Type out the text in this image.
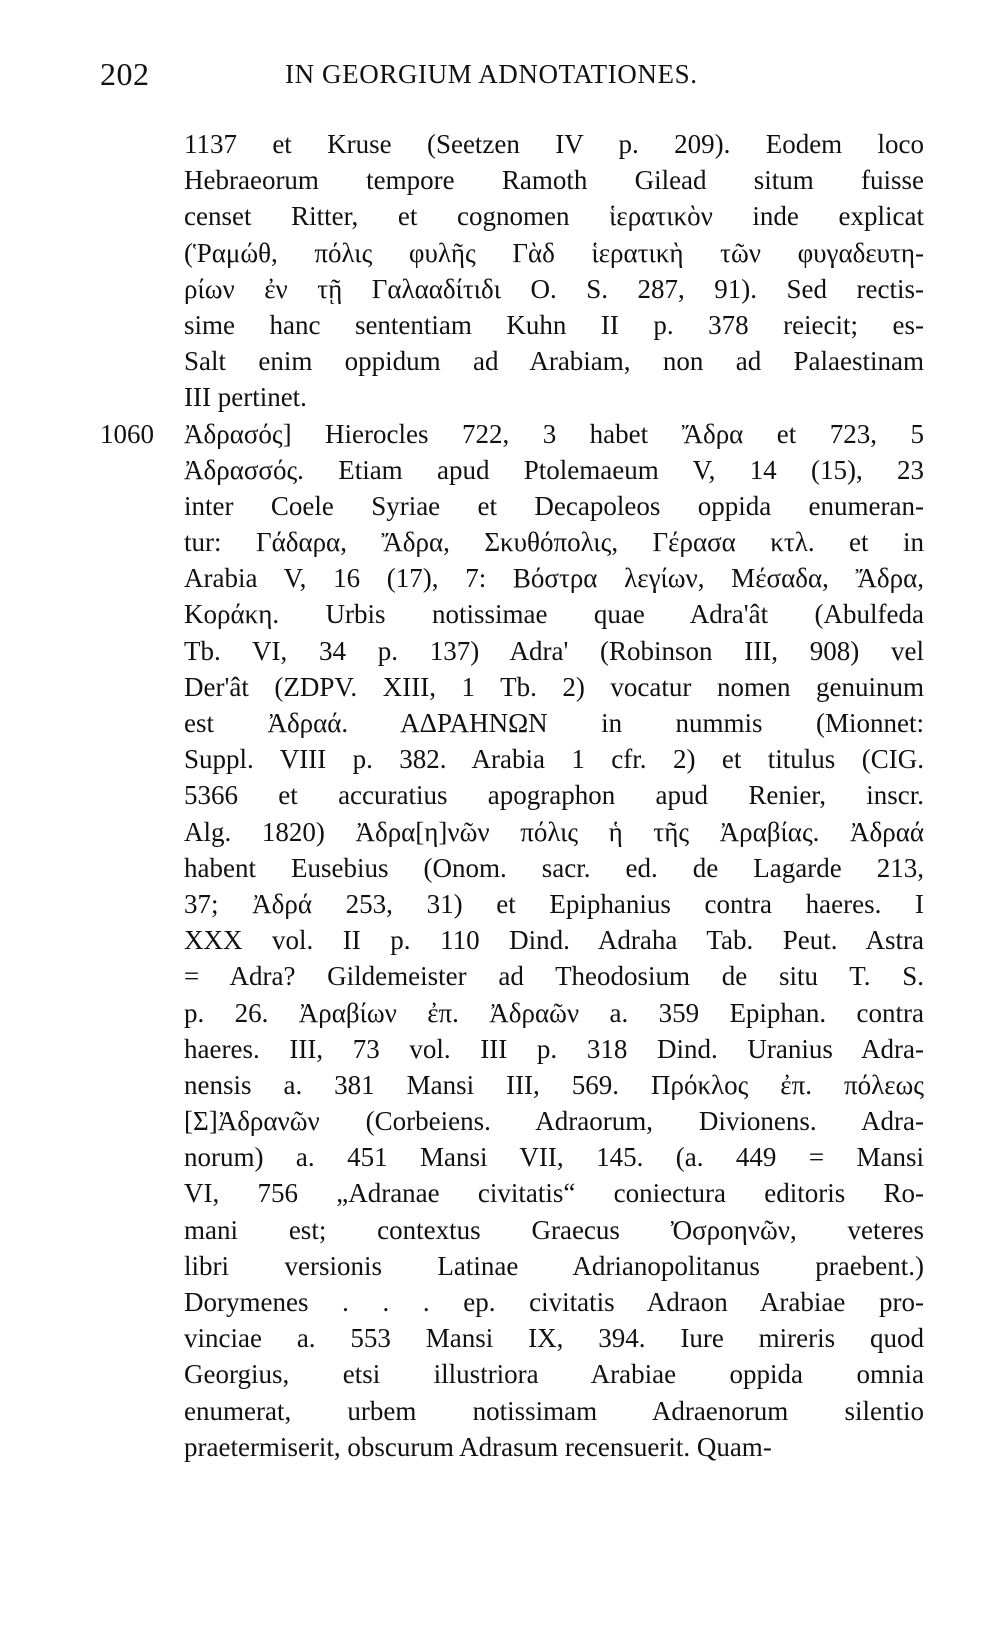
202	IN GEORGIUM ADNOTATIONES.
1137 et Kruse (Seetzen IV p. 209). Eodem loco
Hebraeorum tempore Ramoth Gilead situm fuisse
censet Ritter, et cognomen ἱερατικὸν inde explicat
(Ῥαμώθ, πόλις φυλῆς Γὰδ ἱερατικὴ τῶν φυγαδευτη-
ρίων ἐν τῇ Γαλααδίτιδι O. S. 287, 91). Sed rectis-
sime hanc sententiam Kuhn II p. 378 reiecit; es-
Salt enim oppidum ad Arabiam, non ad Palaestinam
III pertinet.
1060 Ἀδρασός] Hierocles 722, 3 habet Ἄδρα et 723, 5
Ἀδρασσός. Etiam apud Ptolemaeum V, 14 (15), 23
inter Coele Syriae et Decapoleos oppida enumeran-
tur: Γάδαρα, Ἄδρα, Σκυθόπολις, Γέρασα κτλ. et in
Arabia V, 16 (17), 7: Βόστρα λεγίων, Μέσαδα, Ἄδρα,
Κοράκη. Urbis notissimae quae Adra'ât (Abulfeda
Tb. VI, 34 p. 137) Adra' (Robinson III, 908) vel
Der'ât (ZDPV. XIII, 1 Tb. 2) vocatur nomen genuinum
est Ἀδραά. ΑΔΡΑΗΝΩΝ in nummis (Mionnet:
Suppl. VIII p. 382. Arabia 1 cfr. 2) et titulus (CIG.
5366 et accuratius apographon apud Renier, inscr.
Alg. 1820) Ἀδρα[η]νῶν πόλις ἡ τῆς Ἀραβίας. Ἀδραά
habent Eusebius (Onom. sacr. ed. de Lagarde 213,
37; Ἀδρά 253, 31) et Epiphanius contra haeres. I
XXX vol. II p. 110 Dind. Adraha Tab. Peut. Astra
= Adra? Gildemeister ad Theodosium de situ T. S.
p. 26. Ἀραβίων ἐπ. Ἀδραῶν a. 359 Epiphan. contra
haeres. III, 73 vol. III p. 318 Dind. Uranius Adra-
nensis a. 381 Mansi III, 569. Πρόκλος ἐπ. πόλεως
[Σ]Ἀδρανῶν (Corbeiens. Adraorum, Divionens. Adra-
norum) a. 451 Mansi VII, 145. (a. 449 = Mansi
VI, 756 „Adranae civitatis“ coniectura editoris Ro-
mani est; contextus Graecus Ὀσροηνῶν, veteres
libri versionis Latinae Adrianopolitanus praebent.)
Dorymenes . . . ep. civitatis Adraon Arabiae pro-
vinciae a. 553 Mansi IX, 394. Iure mireris quod
Georgius, etsi illustriora Arabiae oppida omnia
enumerat, urbem notissimam Adraenorum silentio
praetermiserit, obscurum Adrasum recensuerit. Quam-
